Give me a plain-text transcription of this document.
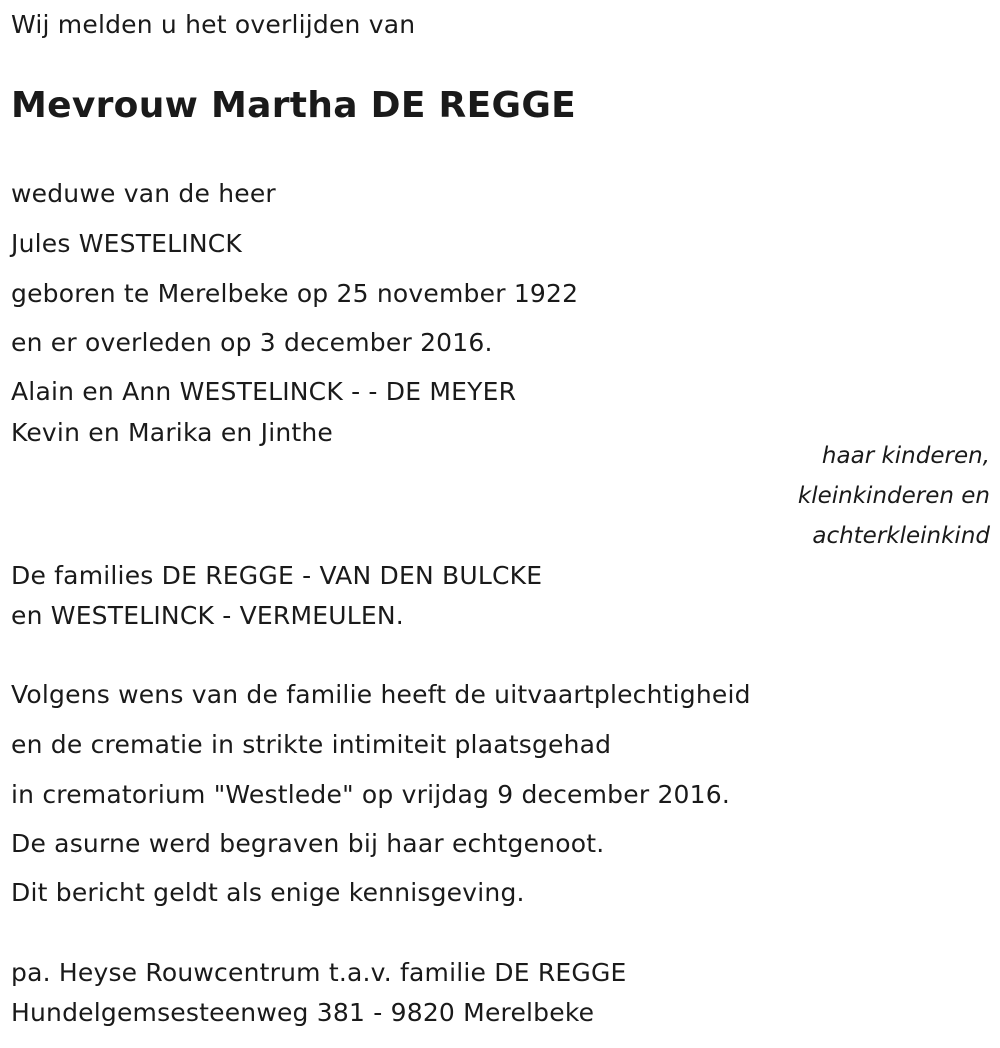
Wij melden u het overlijden van
Mevrouw Martha DE REGGE
weduwe van de heer
Jules WESTELINCK
geboren te Merelbeke op 25 november 1922
en er overleden op 3 december 2016.
Alain en Ann WESTELINCK - - DE MEYER
Kevin en Marika en Jinthe
haar kinderen,
kleinkinderen en
achterkleinkind
De families DE REGGE - VAN DEN BULCKE
en WESTELINCK - VERMEULEN.
Volgens wens van de familie heeft de uitvaartplechtigheid
en de crematie in strikte intimiteit plaatsgehad
in crematorium "Westlede" op vrijdag 9 december 2016.
De asurne werd begraven bij haar echtgenoot.
Dit bericht geldt als enige kennisgeving.
pa. Heyse Rouwcentrum t.a.v. familie DE REGGE
Hundelgemsesteenweg 381 - 9820 Merelbeke
